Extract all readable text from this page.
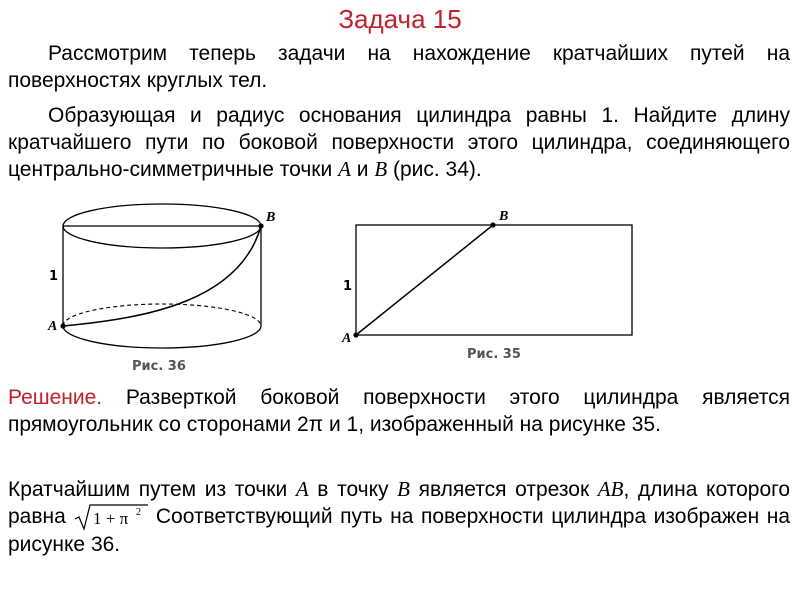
Задача 15
Рассмотрим теперь задачи на нахождение кратчайших путей на поверхностях круглых тел.
Образующая и радиус основания цилиндра равны 1. Найдите длину кратчайшего пути по боковой поверхности этого цилиндра, соединяющего центрально-симметричные точки A и B (рис. 34).
A
B
1
Рис. 36
A
B
1
Рис. 35
Решение. Разверткой боковой поверхности этого цилиндра является прямоугольник со сторонами 2π и 1, изображенный на рисунке 35.
Кратчайшим путем из точки A в точку B является отрезок AB, длина которого равна 1 + π 2 Соответствующий путь на поверхности цилиндра изображен на рисунке 36.
